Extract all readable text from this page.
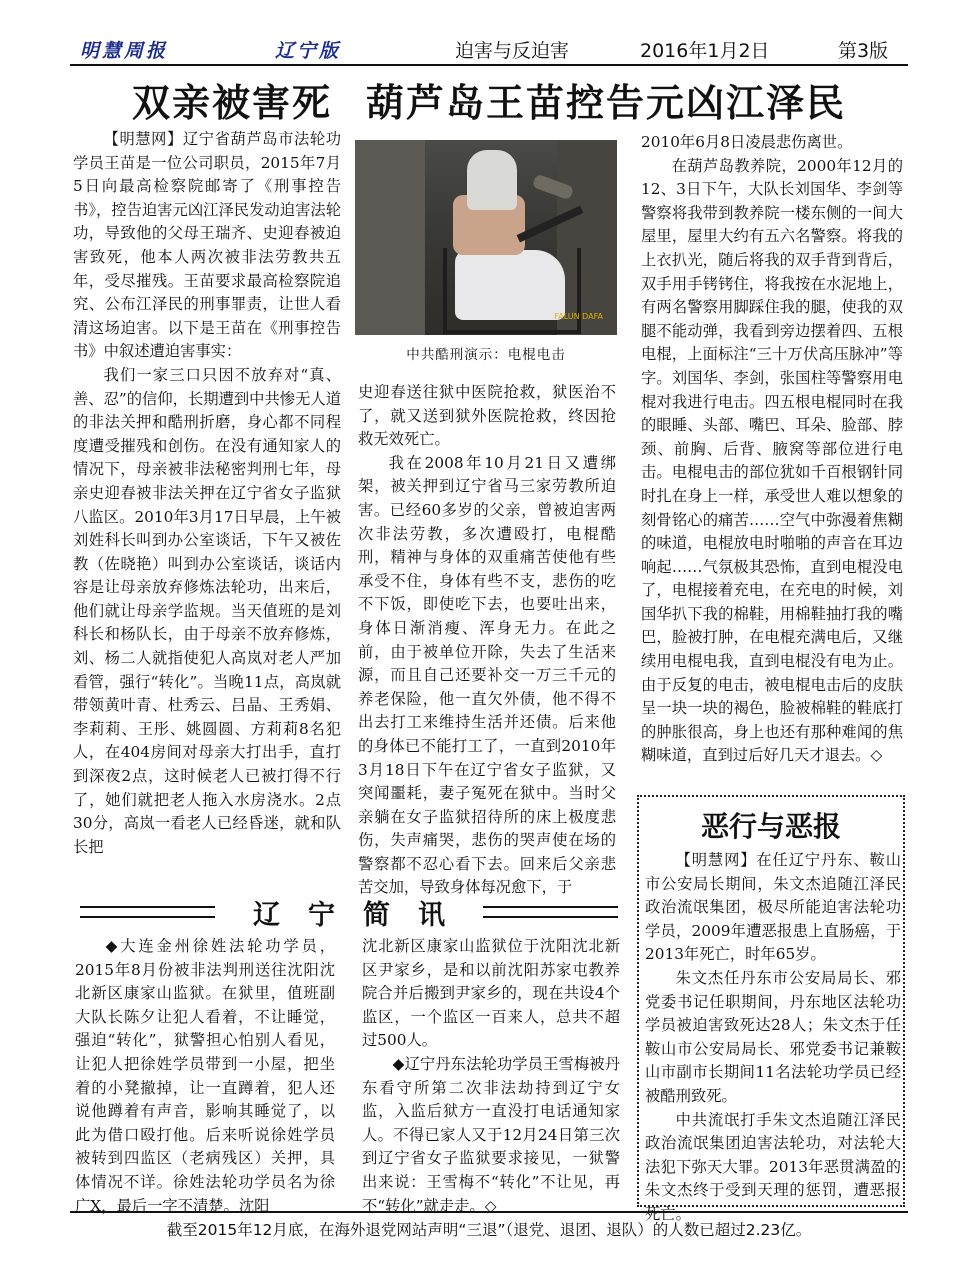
明慧周报	辽宁版	迫害与反迫害	2016年1月2日	第3版
双亲被害死 葫芦岛王苗控告元凶江泽民

【明慧网】辽宁省葫芦岛市法轮功学员王苗是一位公司职员，2015年7月5日向最高检察院邮寄了《刑事控告书》，控告迫害元凶江泽民发动迫害法轮功，导致他的父母王瑞齐、史迎春被迫害致死，他本人两次被非法劳教共五年，受尽摧残。王苗要求最高检察院追究、公布江泽民的刑事罪责，让世人看清这场迫害。以下是王苗在《刑事控告书》中叙述遭迫害事实：

我们一家三口只因不放弃对“真、善、忍”的信仰，长期遭到中共惨无人道的非法关押和酷刑折磨，身心都不同程度遭受摧残和创伤。在没有通知家人的情况下，母亲被非法秘密判刑七年，母亲史迎春被非法关押在辽宁省女子监狱八监区。2010年3月17日早晨，上午被刘姓科长叫到办公室谈话，下午又被佐教（佐晓艳）叫到办公室谈话，谈话内容是让母亲放弃修炼法轮功，出来后，他们就让母亲学监规。当天值班的是刘科长和杨队长，由于母亲不放弃修炼，刘、杨二人就指使犯人高岚对老人严加看管，强行“转化”。当晚11点，高岚就带领黄叶青、杜秀云、吕晶、王秀娟、李莉莉、王彤、姚圆圆、方莉莉8名犯人，在404房间对母亲大打出手，直打到深夜2点，这时候老人已被打得不行了，她们就把老人拖入水房浇水。2点30分，高岚一看老人已经昏迷，就和队长把

FALUN DAFA
中共酷刑演示：电棍电击

史迎春送往狱中医院抢救，狱医治不了，就又送到狱外医院抢救，终因抢救无效死亡。

我在2008年10月21日又遭绑架，被关押到辽宁省马三家劳教所迫害。已经60多岁的父亲，曾被迫害两次非法劳教，多次遭殴打，电棍酷刑，精神与身体的双重痛苦使他有些承受不住，身体有些不支，悲伤的吃不下饭，即使吃下去，也要吐出来，身体日渐消瘦、浑身无力。在此之前，由于被单位开除，失去了生活来源，而且自己还要补交一万三千元的养老保险，他一直欠外债，他不得不出去打工来维持生活并还债。后来他的身体已不能打工了，一直到2010年3月18日下午在辽宁省女子监狱，又突闻噩耗，妻子冤死在狱中。当时父亲躺在女子监狱招待所的床上极度悲伤，失声痛哭，悲伤的哭声使在场的警察都不忍心看下去。回来后父亲悲苦交加，导致身体每况愈下，于

2010年6月8日凌晨悲伤离世。

在葫芦岛教养院，2000年12月的12、3日下午，大队长刘国华、李剑等警察将我带到教养院一楼东侧的一间大屋里，屋里大约有五六名警察。将我的上衣扒光，随后将我的双手背到背后，双手用手铐铐住，将我按在水泥地上，有两名警察用脚踩住我的腿，使我的双腿不能动弹，我看到旁边摆着四、五根电棍，上面标注“三十万伏高压脉冲”等字。刘国华、李剑，张国柱等警察用电棍对我进行电击。四五根电棍同时在我的眼睡、头部、嘴巴、耳朵、脸部、脖颈、前胸、后背、腋窝等部位进行电击。电棍电击的部位犹如千百根钢针同时扎在身上一样，承受世人难以想象的刻骨铭心的痛苦……空气中弥漫着焦糊的味道，电棍放电时啪啪的声音在耳边响起……气氛极其恐怖，直到电棍没电了，电棍接着充电，在充电的时候，刘国华扒下我的棉鞋，用棉鞋抽打我的嘴巴，脸被打肿，在电棍充满电后，又继续用电棍电我，直到电棍没有电为止。由于反复的电击，被电棍电击后的皮肤呈一块一块的褐色，脸被棉鞋的鞋底打的肿胀很高，身上也还有那种难闻的焦糊味道，直到过后好几天才退去。◇

辽宁简讯

◆大连金州徐姓法轮功学员，2015年8月份被非法判刑送往沈阳沈北新区康家山监狱。在狱里，值班副大队长陈夕让犯人看着，不让睡觉，强迫“转化”，狱警担心怕别人看见，让犯人把徐姓学员带到一小屋，把坐着的小凳撤掉，让一直蹲着，犯人还说他蹲着有声音，影响其睡觉了，以此为借口殴打他。后来听说徐姓学员被转到四监区（老病残区）关押，具体情况不详。徐姓法轮功学员名为徐广X，最后一字不清楚。沈阳

沈北新区康家山监狱位于沈阳沈北新区尹家乡，是和以前沈阳苏家屯教养院合并后搬到尹家乡的，现在共设4个监区，一个监区一百来人，总共不超过500人。

◆辽宁丹东法轮功学员王雪梅被丹东看守所第二次非法劫持到辽宁女监，入监后狱方一直没打电话通知家人。不得已家人又于12月24日第三次到辽宁省女子监狱要求接见，一狱警出来说：王雪梅不“转化”不让见，再不“转化”就走走。◇

恶行与恶报

【明慧网】在任辽宁丹东、鞍山市公安局长期间，朱文杰追随江泽民政治流氓集团，极尽所能迫害法轮功学员，2009年遭恶报患上直肠癌，于2013年死亡，时年65岁。

朱文杰任丹东市公安局局长、邪党委书记任职期间，丹东地区法轮功学员被迫害致死达28人；朱文杰于任鞍山市公安局局长、邪党委书记兼鞍山市副市长期间11名法轮功学员已经被酷刑致死。

中共流氓打手朱文杰追随江泽民政治流氓集团迫害法轮功，对法轮大法犯下弥天大罪。2013年恶贯满盈的朱文杰终于受到天理的惩罚，遭恶报死亡。

截至2015年12月底，在海外退党网站声明“三退”（退党、退团、退队）的人数已超过2.23亿。
